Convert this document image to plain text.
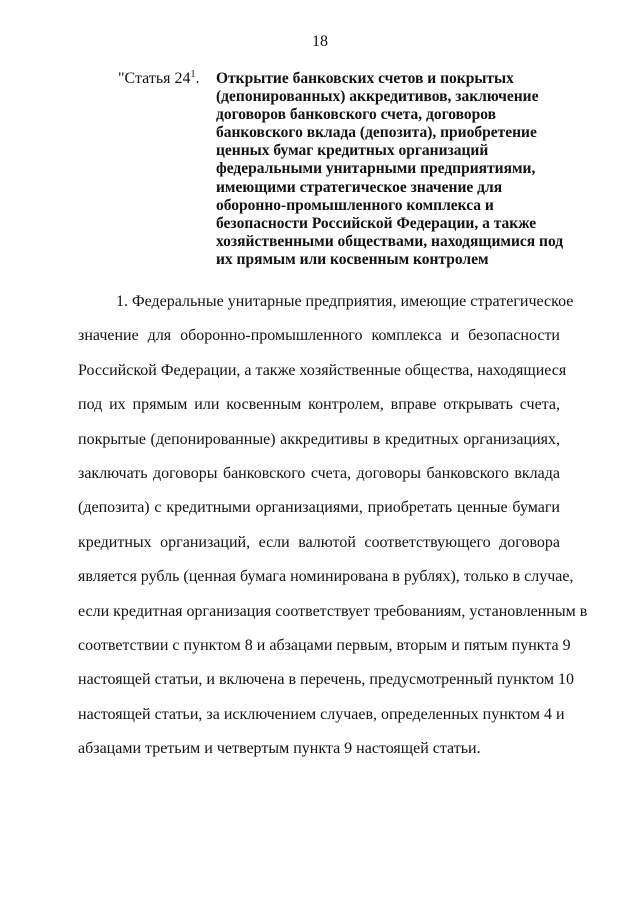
18
"Статья $24^1$. Открытие банковских счетов и покрытых
(депонированных) аккредитивов, заключение
договоров банковского счета, договоров
банковского вклада (депозита), приобретение
ценных бумаг кредитных организаций
федеральными унитарными предприятиями,
имеющими стратегическое значение для
оборонно-промышленного комплекса и
безопасности Российской Федерации, а также
хозяйственными обществами, находящимися под
их прямым или косвенным контролем
1. Федеральные унитарные предприятия, имеющие стратегическое
значение для оборонно-промышленного комплекса и безопасности
Российской Федерации, а также хозяйственные общества, находящиеся
под их прямым или косвенным контролем, вправе открывать счета,
покрытые (депонированные) аккредитивы в кредитных организациях,
заключать договоры банковского счета, договоры банковского вклада
(депозита) с кредитными организациями, приобретать ценные бумаги
кредитных организаций, если валютой соответствующего договора
является рубль (ценная бумага номинирована в рублях), только в случае,
если кредитная организация соответствует требованиям, установленным в
соответствии с пунктом 8 и абзацами первым, вторым и пятым пункта 9
настоящей статьи, и включена в перечень, предусмотренный пунктом 10
настоящей статьи, за исключением случаев, определенных пунктом 4 и
абзацами третьим и четвертым пункта 9 настоящей статьи.
